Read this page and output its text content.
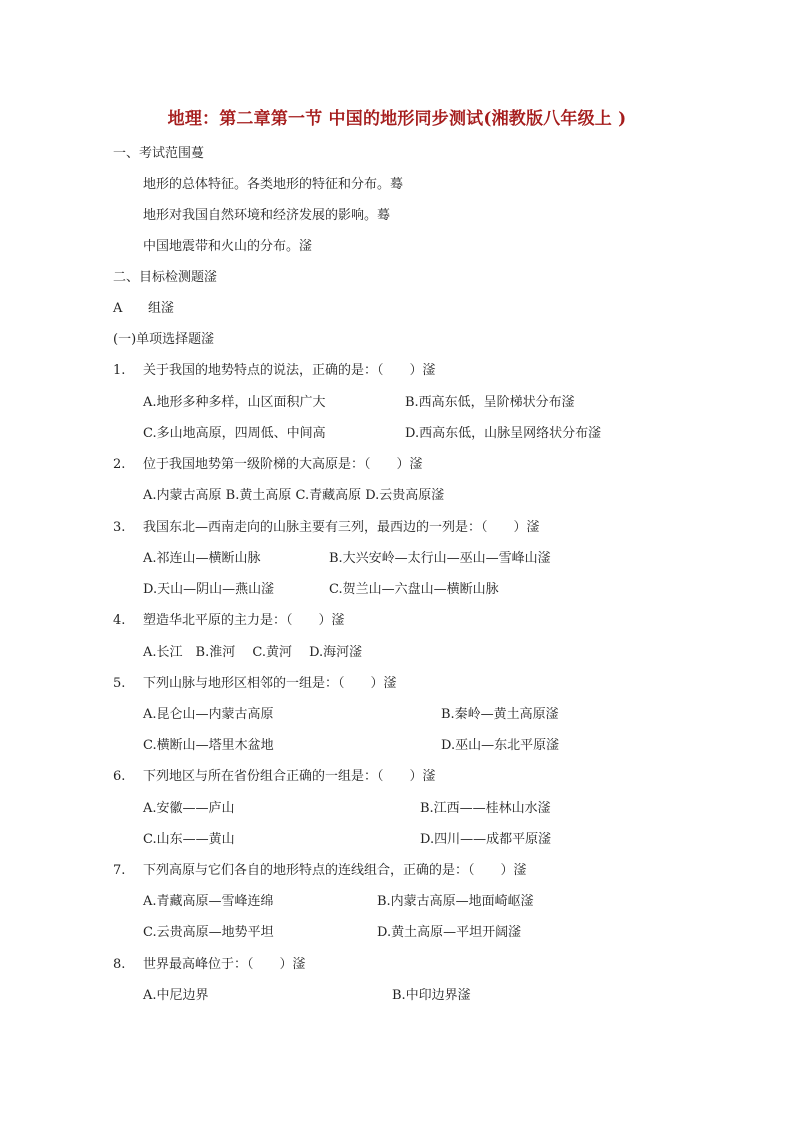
地理：第二章第一节 中国的地形同步测试(湘教版八年级上 )
一、考试范围蔓
地形的总体特征。各类地形的特征和分布。蓦
地形对我国自然环境和经济发展的影响。蓦
中国地震带和火山的分布。滏
二、目标检测题滏
A 组滏
(一)单项选择题滏
1. 关于我国的地势特点的说法，正确的是：（　　）滏
A.地形多种多样，山区面积广大	B.西高东低，呈阶梯状分布滏
C.多山地高原，四周低、中间高	D.西高东低，山脉呈网络状分布滏
2. 位于我国地势第一级阶梯的大高原是：（　　）滏
A.内蒙古高原 B.黄土高原 C.青藏高原 D.云贵高原滏
3. 我国东北—西南走向的山脉主要有三列，最西边的一列是：（　　）滏
A.祁连山—横断山脉	B.大兴安岭—太行山—巫山—雪峰山滏
D.天山—阴山—燕山滏	C.贺兰山—六盘山—横断山脉
4. 塑造华北平原的主力是：（　　）滏
A.长江　B.淮河　 C.黄河　 D.海河滏
5. 下列山脉与地形区相邻的一组是：（　　）滏
A.昆仑山—内蒙古高原	B.秦岭—黄土高原滏
C.横断山—塔里木盆地	D.巫山—东北平原滏
6. 下列地区与所在省份组合正确的一组是：（　　）滏
A.安徽——庐山	B.江西——桂林山水滏
C.山东——黄山	D.四川——成都平原滏
7. 下列高原与它们各自的地形特点的连线组合，正确的是：（　　）滏
A.青藏高原—雪峰连绵	B.内蒙古高原—地面崎岖滏
C.云贵高原—地势平坦	D.黄土高原—平坦开阔滏
8. 世界最高峰位于：（　　）滏
A.中尼边界	B.中印边界滏
